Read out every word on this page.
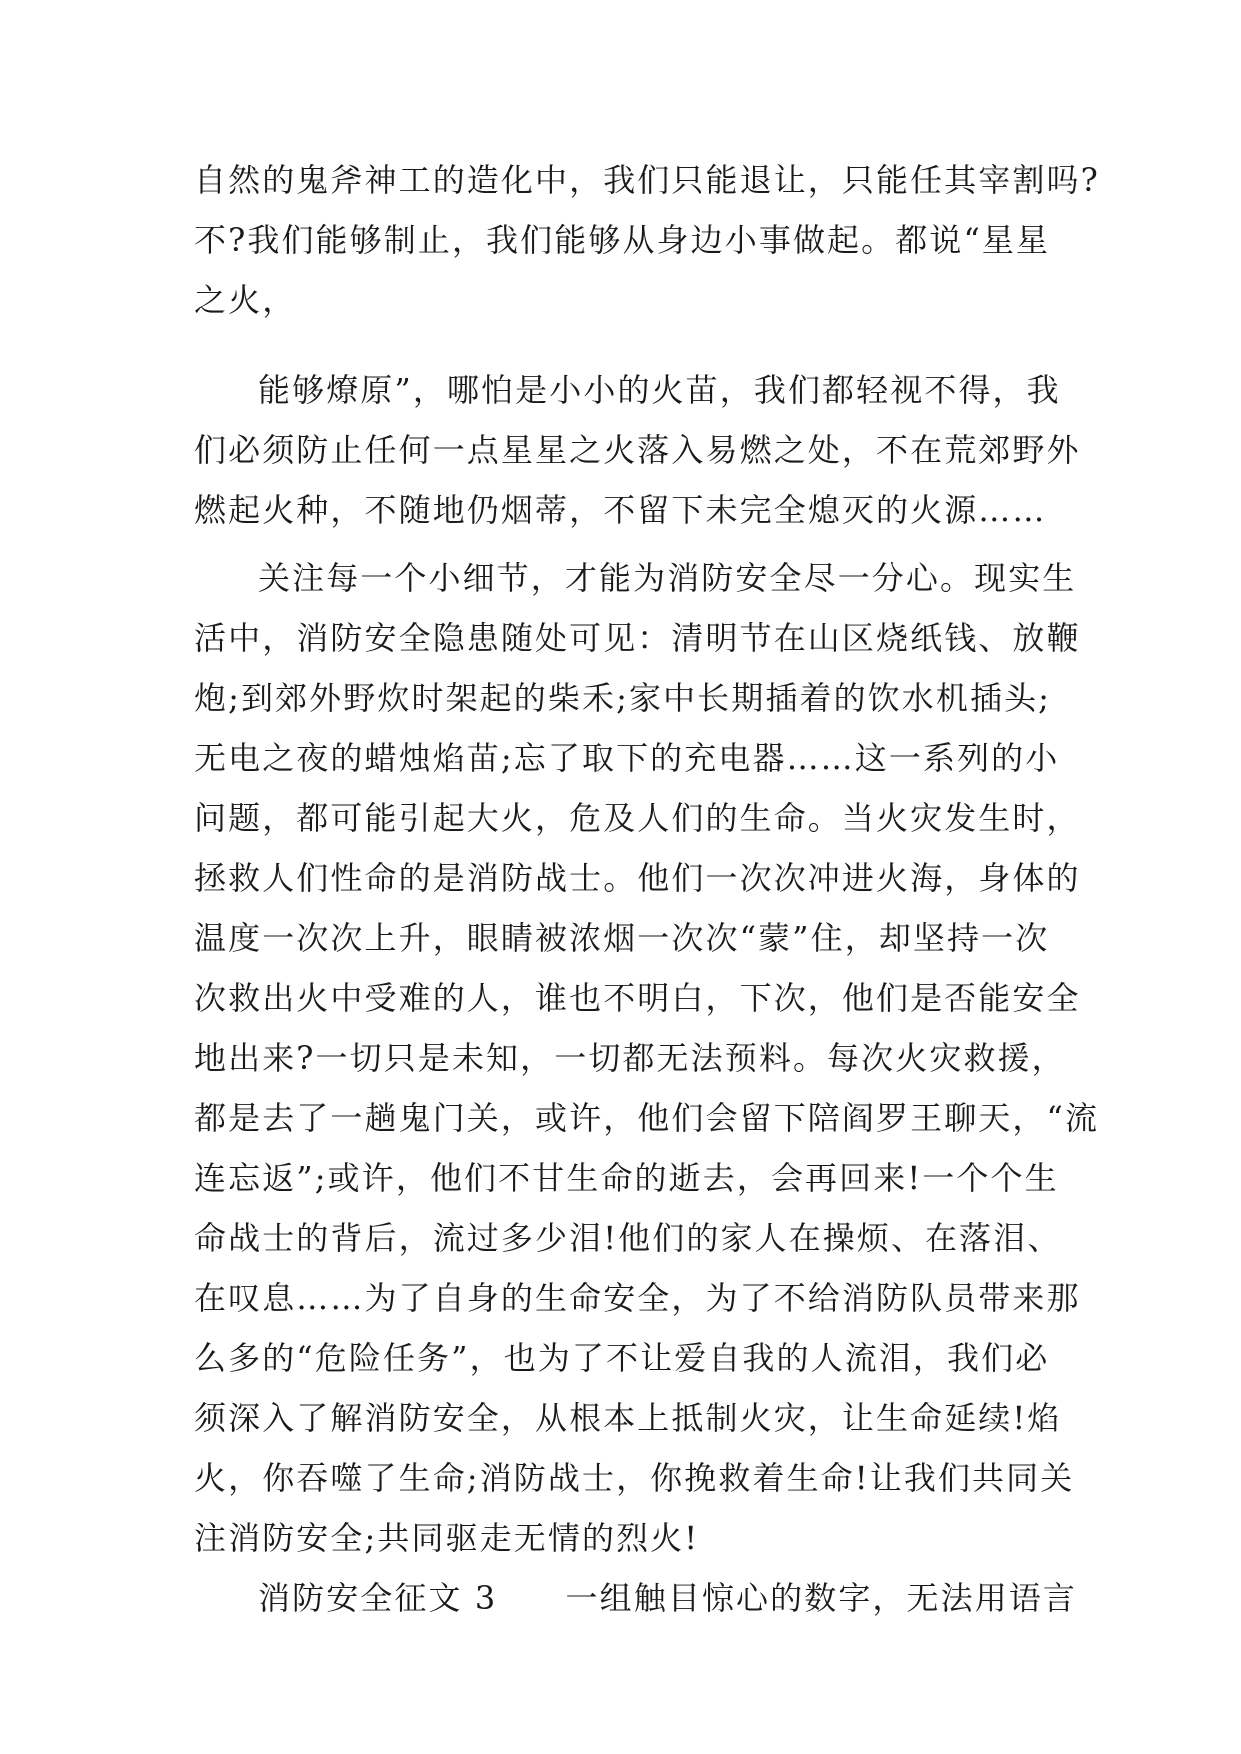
自然的鬼斧神工的造化中，我们只能退让，只能任其宰割吗?
不?我们能够制止，我们能够从身边小事做起。都说“星星
之火，
能够燎原”，哪怕是小小的火苗，我们都轻视不得，我
们必须防止任何一点星星之火落入易燃之处，不在荒郊野外
燃起火种，不随地仍烟蒂，不留下未完全熄灭的火源……
关注每一个小细节，才能为消防安全尽一分心。现实生
活中，消防安全隐患随处可见：清明节在山区烧纸钱、放鞭
炮;到郊外野炊时架起的柴禾;家中长期插着的饮水机插头;
无电之夜的蜡烛焰苗;忘了取下的充电器……这一系列的小
问题，都可能引起大火，危及人们的生命。当火灾发生时，
拯救人们性命的是消防战士。他们一次次冲进火海，身体的
温度一次次上升，眼睛被浓烟一次次“蒙”住，却坚持一次
次救出火中受难的人，谁也不明白，下次，他们是否能安全
地出来?一切只是未知，一切都无法预料。每次火灾救援，
都是去了一趟鬼门关，或许，他们会留下陪阎罗王聊天，“流
连忘返”;或许，他们不甘生命的逝去，会再回来!一个个生
命战士的背后，流过多少泪!他们的家人在操烦、在落泪、
在叹息……为了自身的生命安全，为了不给消防队员带来那
么多的“危险任务”，也为了不让爱自我的人流泪，我们必
须深入了解消防安全，从根本上抵制火灾，让生命延续!焰
火，你吞噬了生命;消防战士，你挽救着生命!让我们共同关
注消防安全;共同驱走无情的烈火!
消防安全征文 3　　一组触目惊心的数字，无法用语言
